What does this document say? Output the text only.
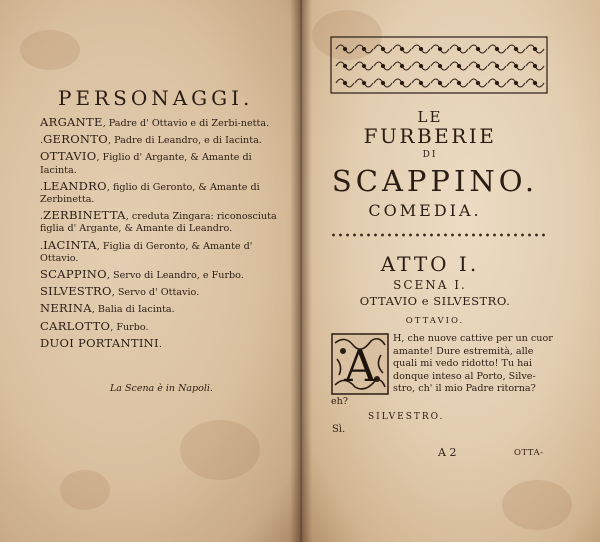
PERSONAGGI.
ARGANTE, Padre d' Ottavio e di Zerbi-netta.
.GERONTO, Padre di Leandro, e di Iacinta.
OTTAVIO, Figlio d' Argante, & Amante di Iacinta.
.LEANDRO, figlio di Geronto, & Amante di Zerbinetta.
.ZERBINETTA, creduta Zingara: riconosciuta figlia d' Argante, & Amante di Leandro.
.IACINTA, Figlia di Geronto, & Amante d' Ottavio.
SCAPPINO, Servo di Leandro, e Furbo.
SILVESTRO, Servo d' Ottavio.
NERINA, Balia di Iacinta.
CARLOTTO, Furbo.
DUOI PORTANTINI.
La Scena è in Napoli.
LE
FURBERIE
DI
SCAPPINO.
COMEDIA.
ATTO I.
SCENA I.
OTTAVIO e SILVESTRO.
OTTAVIO.
A
H, che nuove cattive per un cuor
amante! Dure estremità, alle
quali mi vedo ridotto! Tu hai
donque inteso al Porto, Silve-
stro, ch' il mio Padre ritorna?
eh?
SILVESTRO.
Sì.
A 2	OTTA-
